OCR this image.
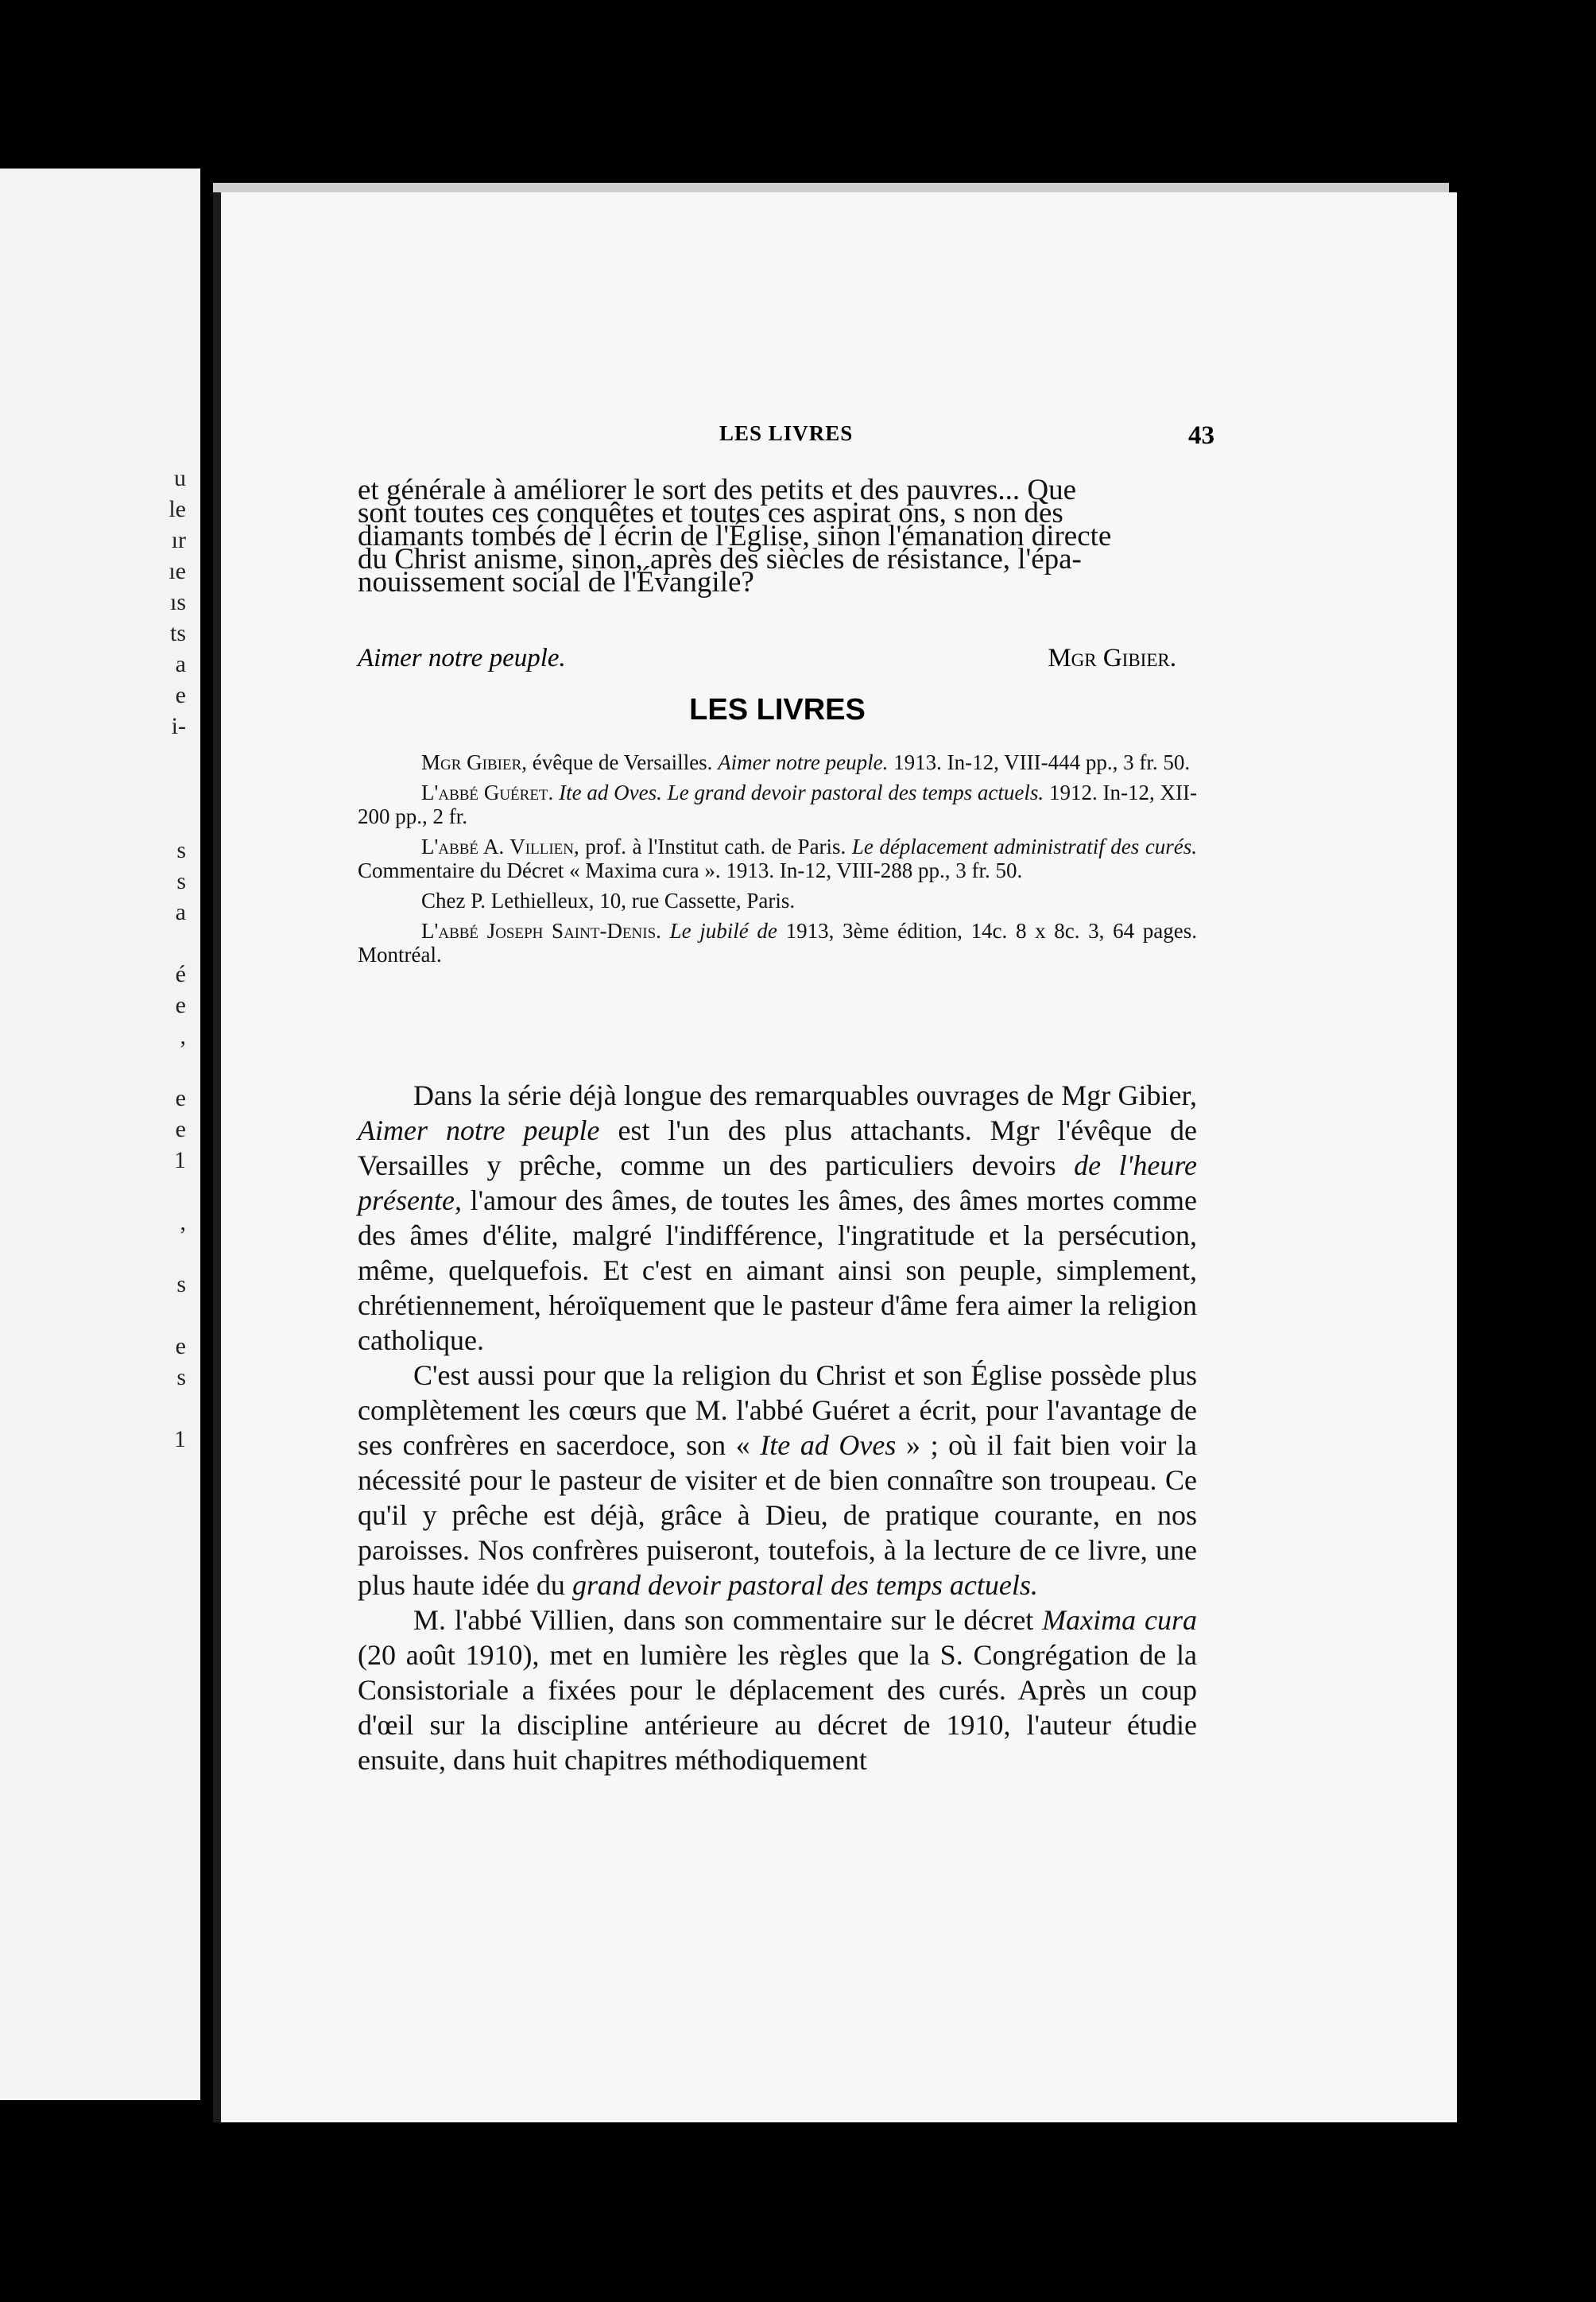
u
le
ır
ıe
ıs
ts
a
e
i-
s
s
a
é
e
,
e
e
1
,
s
e
s
1
LES LIVRES	43

et générale à améliorer le sort des petits et des pauvres... Que

sont toutes ces conquêtes et toutes ces aspirat ons, s non des

diamants tombés de l écrin de l'Église, sinon l'émanation directe

du Christ anisme, sinon, après des siècles de résistance, l'épa-

nouissement social de l'Évangile?

Aimer notre peuple.	Mgr Gibier.
LES LIVRES

Mgr Gibier, évêque de Versailles. Aimer notre peuple. 1913. In-12, VIII-444 pp., 3 fr. 50.

L'abbé Guéret. Ite ad Oves. Le grand devoir pastoral des temps actuels. 1912. In-12, XII-200 pp., 2 fr.

L'abbé A. Villien, prof. à l'Institut cath. de Paris. Le déplacement administratif des curés. Commentaire du Décret « Maxima cura ». 1913. In-12, VIII-288 pp., 3 fr. 50.

Chez P. Lethielleux, 10, rue Cassette, Paris.

L'abbé Joseph Saint-Denis. Le jubilé de 1913, 3ème édition, 14c. 8 x 8c. 3, 64 pages. Montréal.

Dans la série déjà longue des remarquables ouvrages de Mgr Gibier, Aimer notre peuple est l'un des plus attachants. Mgr l'évêque de Versailles y prêche, comme un des particuliers devoirs de l'heure présente, l'amour des âmes, de toutes les âmes, des âmes mortes comme des âmes d'élite, malgré l'indifférence, l'ingratitude et la persécution, même, quelquefois. Et c'est en aimant ainsi son peuple, simplement, chrétiennement, héroïquement que le pasteur d'âme fera aimer la religion catholique.

C'est aussi pour que la religion du Christ et son Église possède plus complètement les cœurs que M. l'abbé Guéret a écrit, pour l'avantage de ses confrères en sacerdoce, son « Ite ad Oves » ; où il fait bien voir la nécessité pour le pasteur de visiter et de bien connaître son troupeau. Ce qu'il y prêche est déjà, grâce à Dieu, de pratique courante, en nos paroisses. Nos confrères puiseront, toutefois, à la lecture de ce livre, une plus haute idée du grand devoir pastoral des temps actuels.

M. l'abbé Villien, dans son commentaire sur le décret Maxima cura (20 août 1910), met en lumière les règles que la S. Congrégation de la Consistoriale a fixées pour le déplacement des curés. Après un coup d'œil sur la discipline antérieure au décret de 1910, l'auteur étudie ensuite, dans huit chapitres méthodiquement
